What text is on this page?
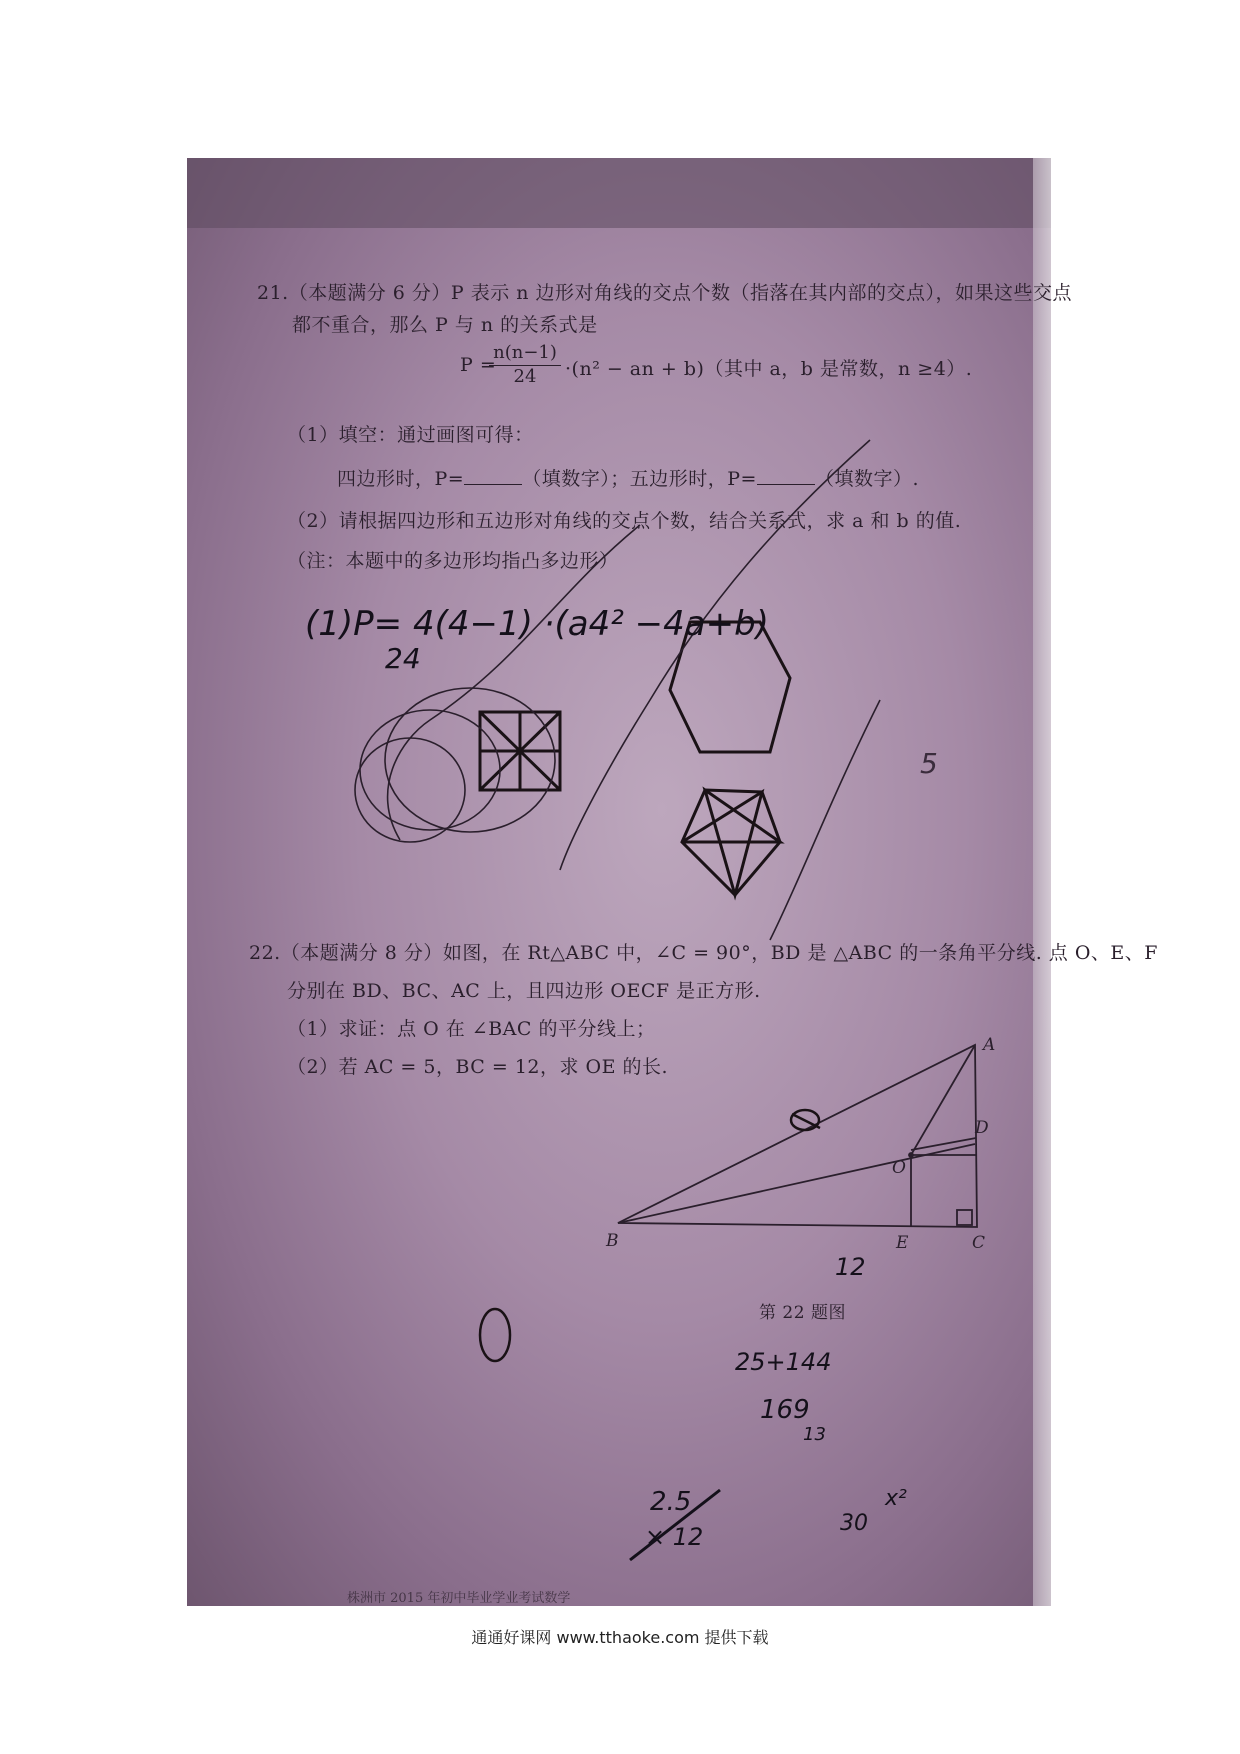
21.（本题满分 6 分）P 表示 n 边形对角线的交点个数（指落在其内部的交点），如果这些交点
都不重合，那么 P 与 n 的关系式是
P =
$\frac{n(n-1)}{24} \cdot(n^2$ − an + b)（其中 a，b 是常数，n ≥4）.
（1）填空：通过画图可得：
四边形时，P=	（填数字）；五边形时，P=	（填数字）.
（2）请根据四边形和五边形对角线的交点个数，结合关系式，求 a 和 b 的值.
（注：本题中的多边形均指凸多边形）
22.（本题满分 8 分）如图，在 Rt△ABC 中，∠C = 90°，BD 是 △ABC 的一条角平分线. 点 O、E、F
分别在 BD、BC、AC 上，且四边形 OECF 是正方形.
（1）求证：点 O 在 ∠BAC 的平分线上；
（2）若 AC = 5，BC = 12，求 OE 的长.
第 22 题图
株洲市 2015 年初中毕业学业考试数学
A
B	C
D
E
O
(1)P= 4(4−1) ·(a4² −4a+b)
24
5
12
25+144
169
13
2.5
× 12	30
x²
通通好课网 www.tthaoke.com 提供下载
